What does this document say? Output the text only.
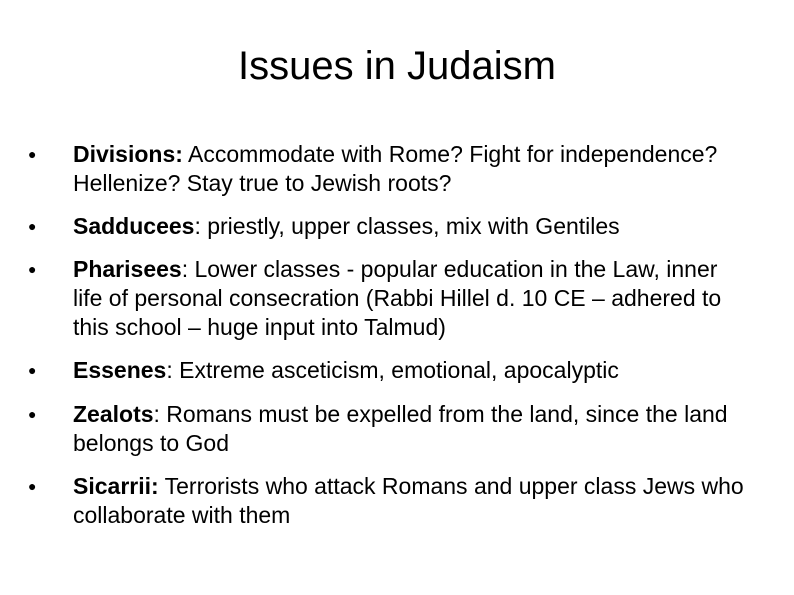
Issues in Judaism
● Divisions: Accommodate with Rome? Fight for independence? Hellenize? Stay true to Jewish roots?
● Sadducees: priestly, upper classes, mix with Gentiles
● Pharisees: Lower classes - popular education in the Law, inner life of personal consecration (Rabbi Hillel d. 10 CE – adhered to this school – huge input into Talmud)
● Essenes: Extreme asceticism, emotional, apocalyptic
● Zealots: Romans must be expelled from the land, since the land belongs to God
● Sicarrii: Terrorists who attack Romans and upper class Jews who collaborate with them
